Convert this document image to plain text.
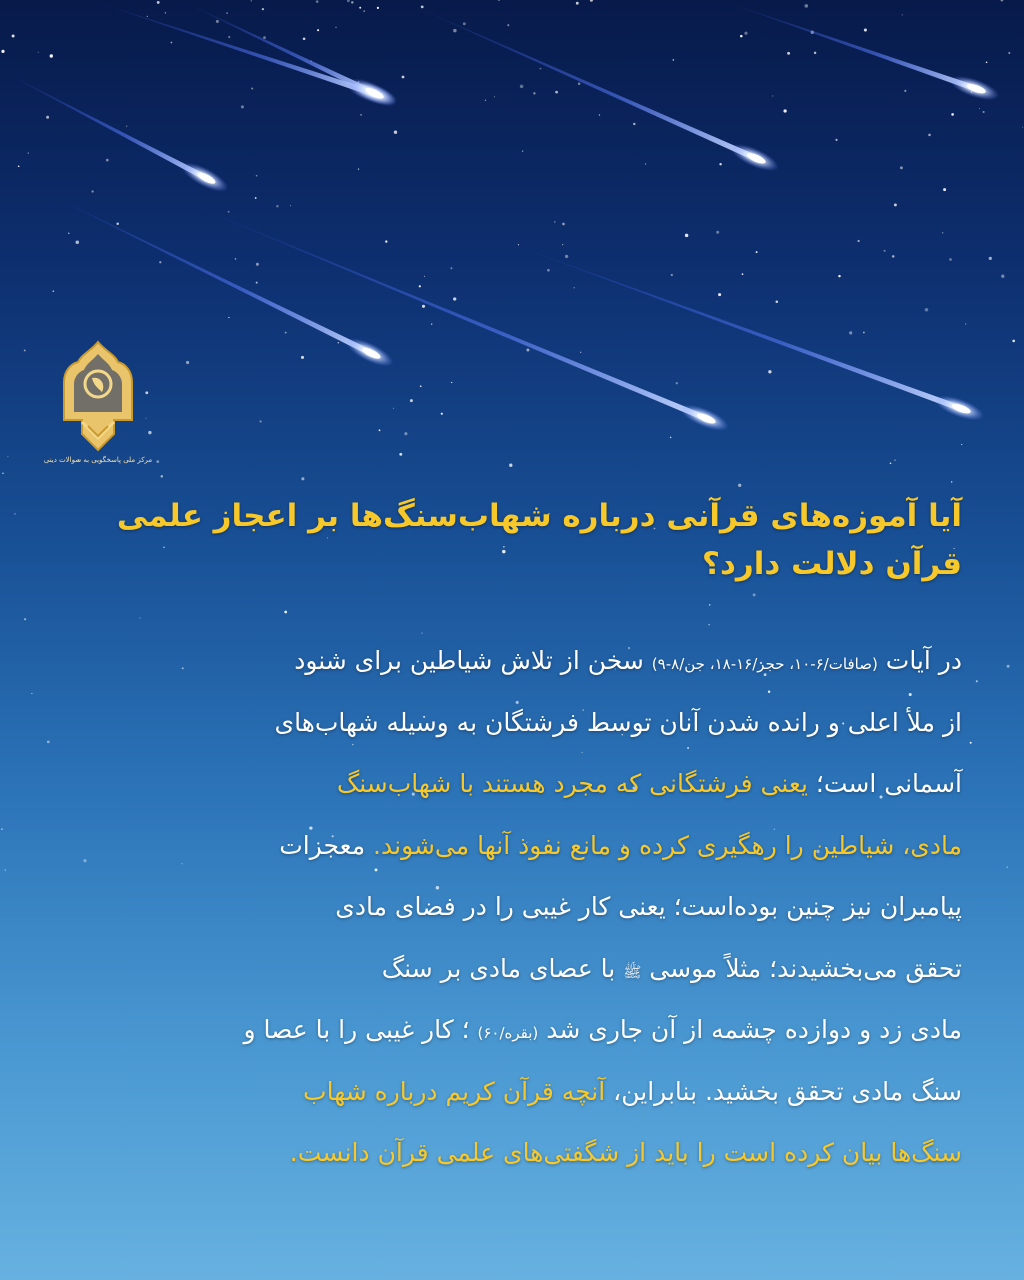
مرکز ملی پاسخگویی به سوالات دینی
آیا آموزه‌های قرآنی درباره شهاب‌سنگ‌ها بر اعجاز علمی
قرآن دلالت دارد؟
در آیات (صافات/۶-۱۰، حجر/۱۶-۱۸، جن/۸-۹) سخن از تلاش شیاطین برای شنود
از ملأ اعلی و رانده شدن آنان توسط فرشتگان به وسیله شهاب‌های
آسمانی است؛ یعنی فرشتگانی که مجرد هستند با شهاب‌سنگ
مادی، شیاطین را رهگیری کرده و مانع نفوذ آنها می‌شوند. معجزات
پیامبران نیز چنین بوده‌است؛ یعنی کار غیبی را در فضای مادی
تحقق می‌بخشیدند؛ مثلاً موسی ﷺ با عصای مادی بر سنگ
مادی زد و دوازده چشمه از آن جاری شد (بقره/۶۰) ؛ کار غیبی را با عصا و
سنگ مادی تحقق بخشید. بنابراین، آنچه قرآن کریم درباره شهاب
سنگ‌ها بیان کرده است را باید از شگفتی‌های علمی قرآن دانست.
